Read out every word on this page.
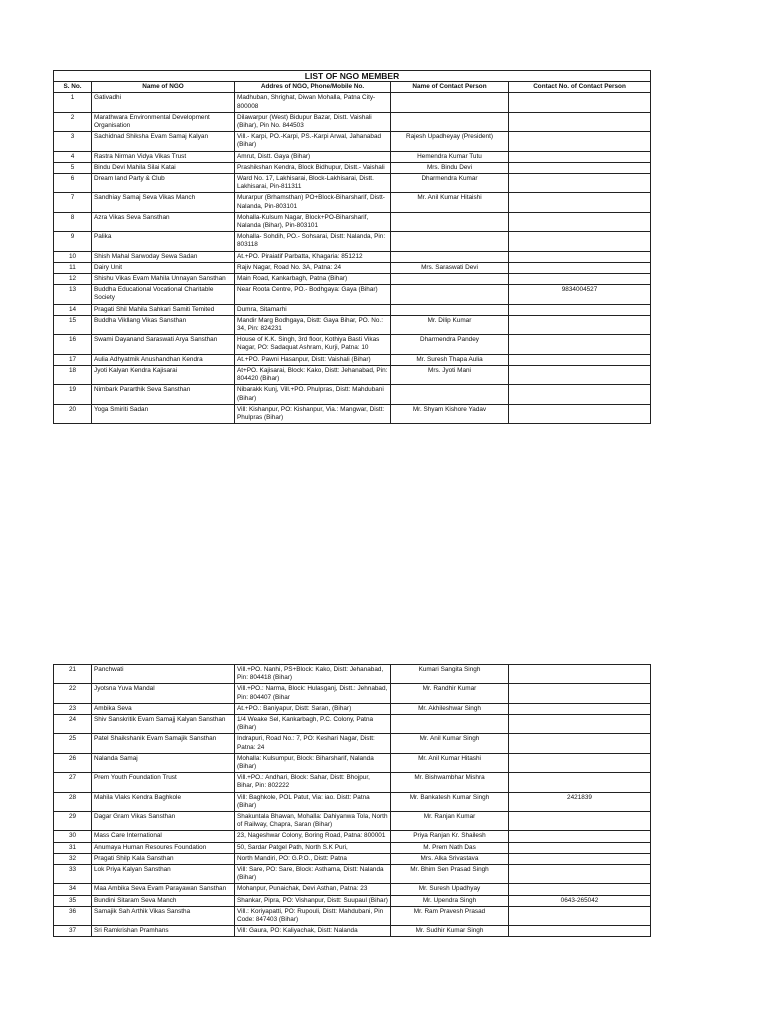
LIST OF NGO MEMBER				
S. No.	Name of NGO	Addres of NGO, Phone/Mobile No.	Name of Contact Person	Contact No. of Contact Person
1	Gativadhi	Madhuban, Shrighat, Diwan Mohalla, Patna City-800008		
2	Marathwara Environmental Development Organisation	Dilawarpur (West) Bidupur Bazar, Distt. Vaishali (Bihar), Pin No. 844503		
3	Sachidnad Shiksha Evam Samaj Kalyan	Vill.- Karpi, PO.-Karpi, PS.-Karpi Arwal, Jahanabad (Bihar)	Rajesh Upadheyay (President)	
4	Rastra Nirman Vidya Vikas Trust	Amrut, Distt. Gaya (Bihar)	Hemendra Kumar Tutu	
5	Bindu Devi Mahila Silai Katai	Prashikshan Kendra, Block Bidhupur, Distt.- Vaishali	Mrs. Bindu Devi	
6	Dream land Party & Club	Ward No. 17, Lakhisarai, Block-Lakhisarai, Distt. Lakhisarai, Pin-811311	Dharmendra Kumar	
7	Sandhiay Samaj Seva Vikas Manch	Murarpur (Brhamsthan) PO+Block-Biharsharif, Distt- Nalanda, Pin-803101	Mr. Anil Kumar Hitaishi	
8	Azra Vikas Seva Sansthan	Mohalla-Kulsum Nagar, Block+PO-Biharsharif, Nalanda (Bihar), Pin-803101		
9	Palika	Mohalla- Sohdih, PO.- Sohsarai, Distt: Nalanda, Pin: 803118		
10	Shish Mahal Sarwoday Sewa Sadan	At.+PO. Piraiatif Parbatta, Khagaria: 851212		
11	Dairy Unit	Rajiv Nagar, Road No. 3A, Patna: 24	Mrs. Saraswati Devi	
12	Shishu Vikas Evam Mahila Unnayan Sansthan	Main Road, Kankarbagh, Patna (Bihar)		
13	Buddha Educational Vocational Charitable Society	Near Roota Centre, PO.- Bodhgaya: Gaya (Bihar)		9834004527
14	Pragati Shil Mahila Sahkari Samiti Temited	Dumra, Sitamarhi		
15	Buddha Vikllang Vikas Sansthan	Mandir Marg Bodhgaya, Distt: Gaya Bihar, PO. No.: 34, Pin: 824231	Mr. Dilip Kumar	
16	Swami Dayanand Saraswati Arya Sansthan	House of K.K. Singh, 3rd floor, Kothiya Basti Vikas Nagar, PO: Sadaquat Ashram, Kurji, Patna: 10	Dharmendra Pandey	
17	Aulia Adhyatmik Anushandhan Kendra	At.+PO. Pawni Hasanpur, Distt: Vaishali (Bihar)	Mr. Suresh Thapa Aulia	
18	Jyoti Kalyan Kendra Kajisarai	At+PO. Kajisarai, Block: Kako, Distt: Jehanabad, Pin: 804420 (Bihar)	Mrs. Jyoti Mani	
19	Nimbark Pararthik Seva Sansthan	Nibarakk Kunj, Vill.+PO. Phulpras, Distt: Mahdubani (Bihar)		
20	Yoga Smiriti Sadan	Vill: Kishanpur, PO: Kishanpur, Via.: Mangwar, Distt: Phulpras (Bihar)	Mr. Shyam Kishore Yadav	
21	Panchwati	Vill.+PO. Nanhi, PS+Block: Kako, Distt: Jehanabad, Pin: 804418 (Bihar)	Kumari Sangita Singh	
22	Jyotsna Yuva Mandal	Vill.+PO.: Narma, Block: Hulasganj, Distt.: Jehnabad, Pin: 804407 (Bihar	Mr. Randhir Kumar	
23	Ambika Seva	At.+PO.: Baniyapur, Distt: Saran, (Bihar)	Mr. Akhileshwar Singh	
24	Shiv Sanskritik Evam Samajj Kalyan Sansthan	1/4 Weake Sel, Kankarbagh, P.C. Colony, Patna (Bihar)		
25	Patel Shaikshanik Evam Samajik Sansthan	Indrapuri, Road No.: 7, PO: Keshari Nagar, Distt: Patna: 24	Mr. Anil Kumar Singh	
26	Nalanda Samaj	Mohalla: Kulsumpur, Block: Biharsharif, Nalanda (Bihar)	Mr. Anil Kumar Hitashi	
27	Prem Youth Foundation Trust	Vill.+PO.: Andhari, Block: Sahar, Distt: Bhojpur, Bihar, Pin: 802222	Mr. Bishwambhar Mishra	
28	Mahila Vlaks Kendra Baghkole	Vill: Baghkole, POL Patut, Via: iao. Distt: Patna (Bihar)	Mr. Bankatesh Kumar Singh	2421839
29	Dagar Gram Vikas Sansthan	Shakuntala Bhawan, Mohalla: Dahiyanwa Tola, North of Railway, Chapra, Saran (Bihar)	Mr. Ranjan Kumar	
30	Mass Care International	23, Nageshwar Colony, Boring Road, Patna: 800001	Priya Ranjan Kr. Shailesh	
31	Anumaya Human Resoures Foundation	50, Sardar Patgel Path, North S.K Puri,	M. Prem Nath Das	
32	Pragati Shilp Kala Sansthan	North Mandiri, PO: G.P.O., Distt: Patna	Mrs. Alka Srivastava	
33	Lok Priya Kalyan Sansthan	Vill: Sare, PO: Sare, Block: Asthama, Distt: Nalanda (Bihar)	Mr. Bhim Sen Prasad Singh	
34	Maa Ambika Seva Evam Parayawan Sansthan	Mohanpur, Punaichak, Devi Asthan, Patna: 23	Mr. Suresh Upadhyay	
35	Bundini Sitaram Seva Manch	Shankar, Pipra, PO: Vishanpur, Distt: Suupaul (Bihar)	Mr. Upendra Singh	0643-265042
36	Samajik Sah Arthik Vikas Sanstha	Vill.: Koriyapatti, PO: Rupouli, Distt: Mahdubani, Pin Code: 847403 (Bihar)	Mr. Ram Pravesh Prasad	
37	Sri Ramkrishan Pramhans	Vill: Gaura, PO: Kaliyachak, Distt: Nalanda	Mr. Sudhir Kumar Singh	
